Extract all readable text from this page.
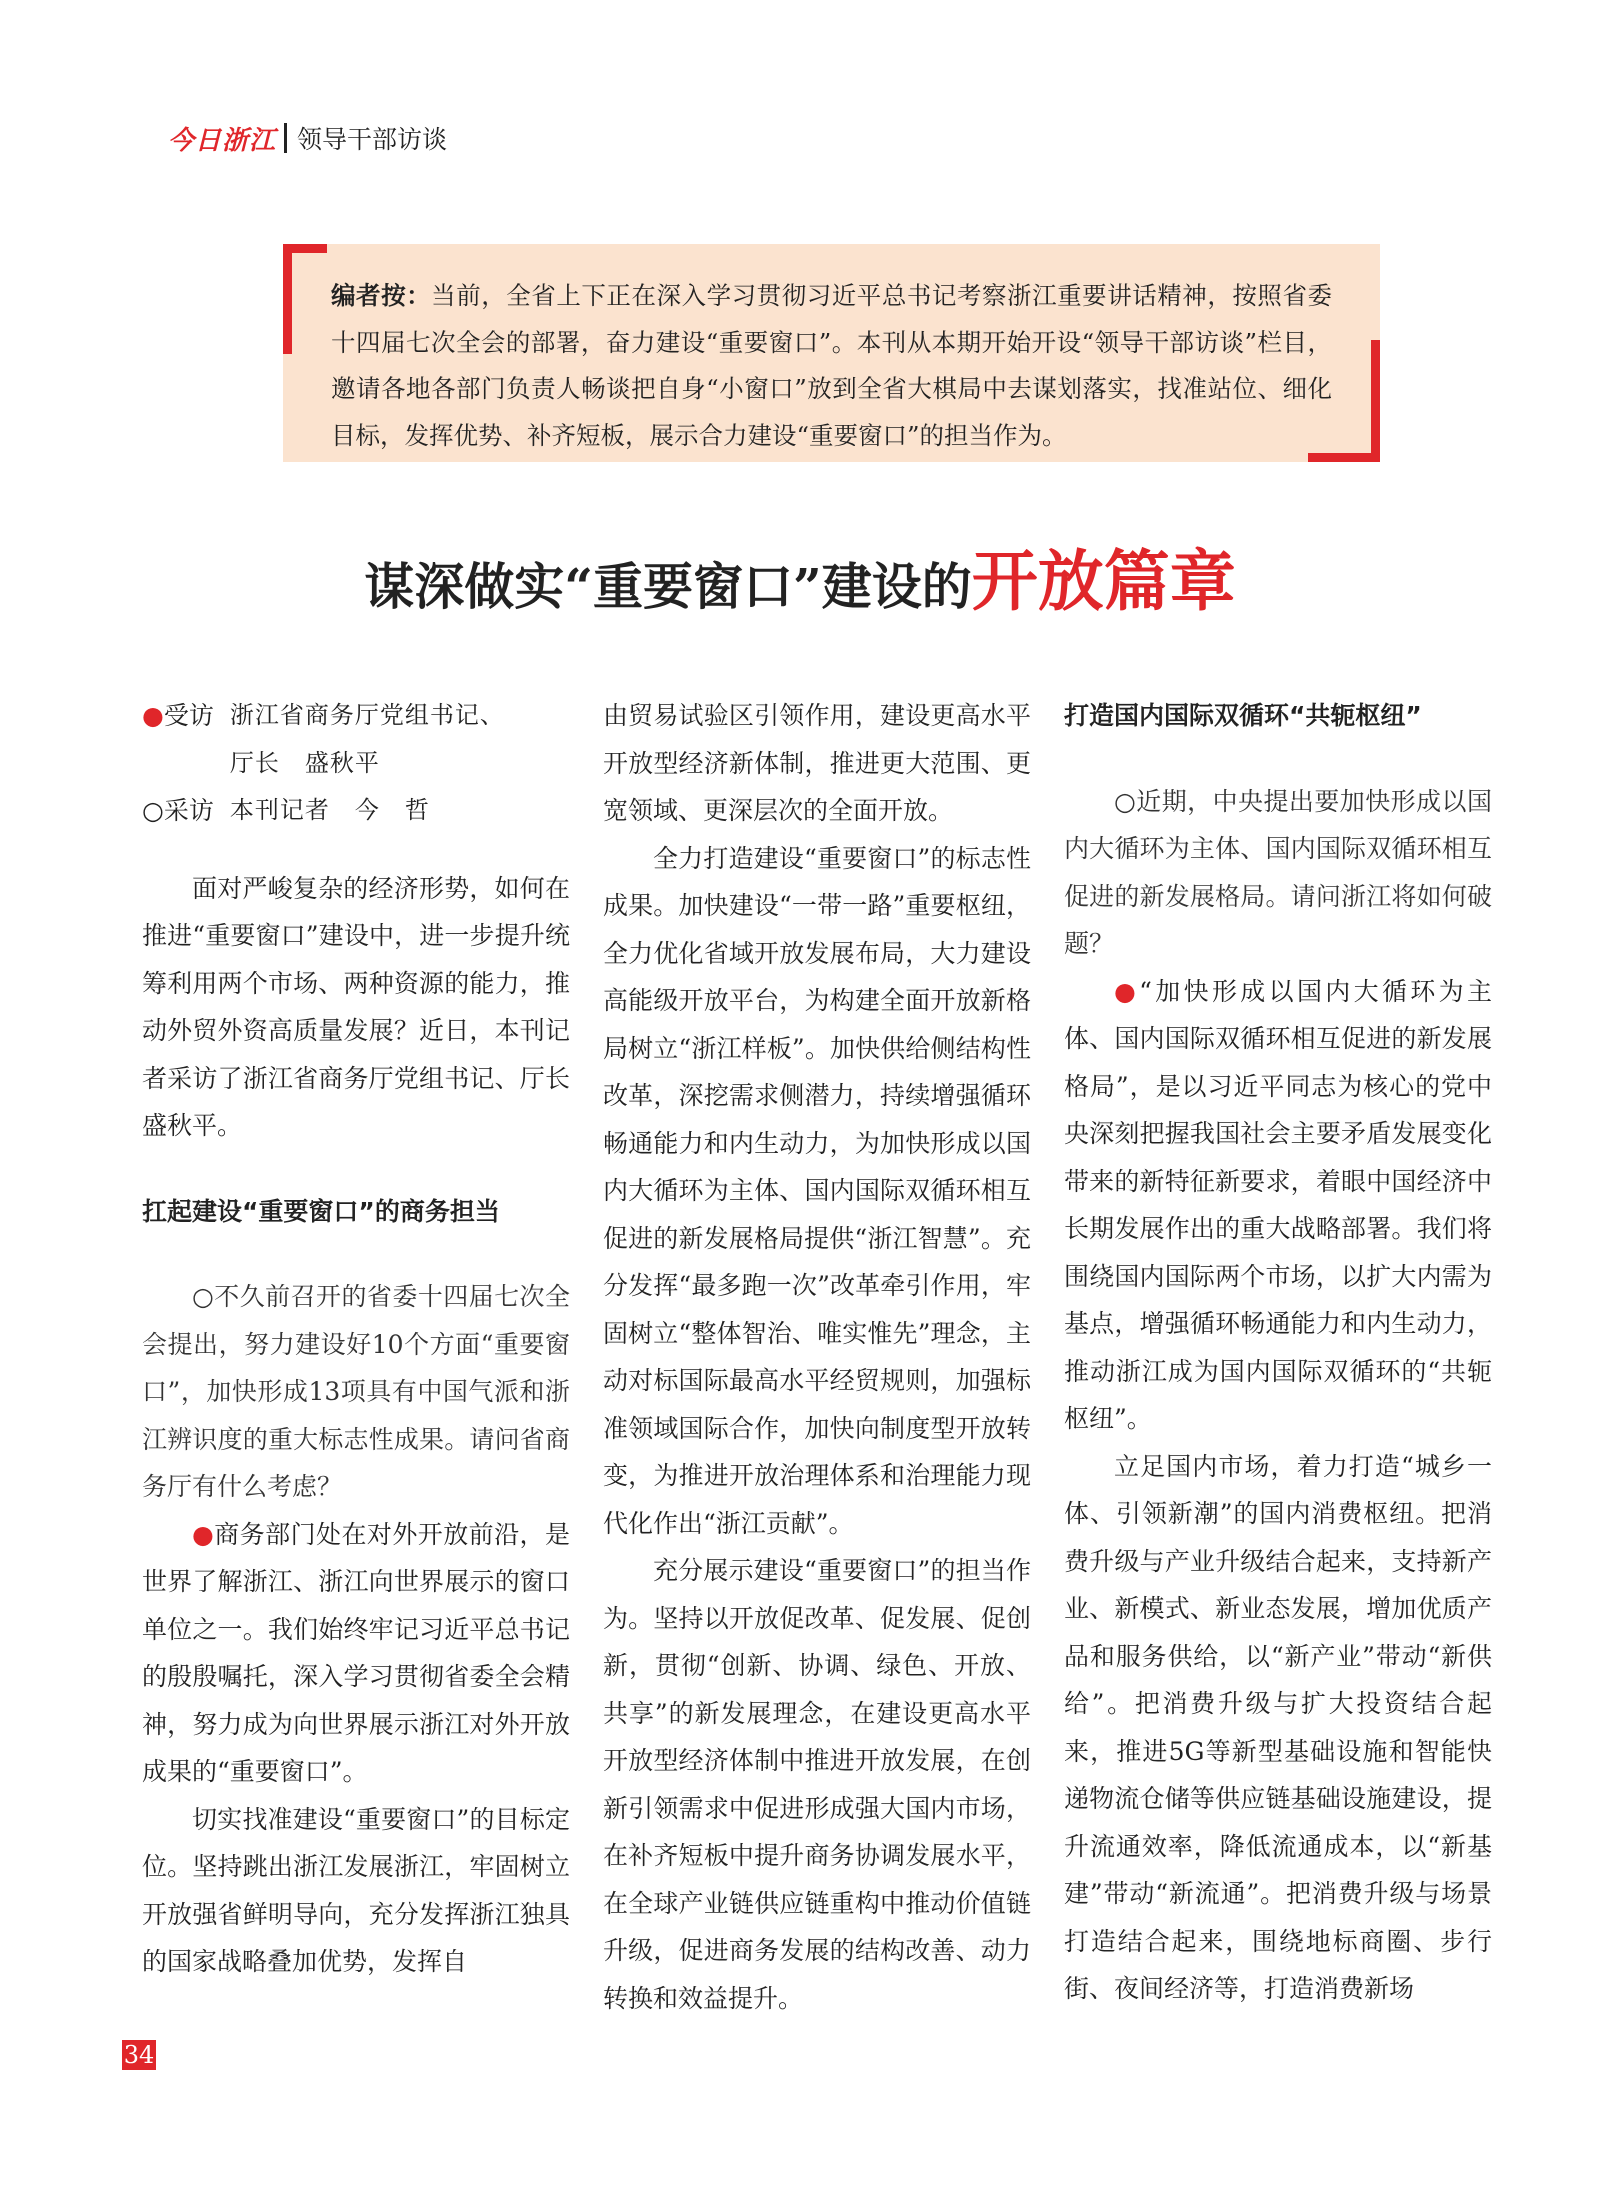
今日浙江 领导干部访谈
编者按：当前，全省上下正在深入学习贯彻习近平总书记考察浙江重要讲话精神，按照省委十四届七次全会的部署，奋力建设“重要窗口”。本刊从本期开始开设“领导干部访谈”栏目，邀请各地各部门负责人畅谈把自身“小窗口”放到全省大棋局中去谋划落实，找准站位、细化目标，发挥优势、补齐短板，展示合力建设“重要窗口”的担当作为。
谋深做实“重要窗口”建设的开放篇章
●受访 浙江省商务厅党组书记、
厅长　盛秋平
○采访 本刊记者　今　哲

面对严峻复杂的经济形势，如何在推进“重要窗口”建设中，进一步提升统筹利用两个市场、两种资源的能力，推动外贸外资高质量发展？近日，本刊记者采访了浙江省商务厅党组书记、厅长盛秋平。

扛起建设“重要窗口”的商务担当

○不久前召开的省委十四届七次全会提出，努力建设好10个方面“重要窗口”，加快形成13项具有中国气派和浙江辨识度的重大标志性成果。请问省商务厅有什么考虑？

●商务部门处在对外开放前沿，是世界了解浙江、浙江向世界展示的窗口单位之一。我们始终牢记习近平总书记的殷殷嘱托，深入学习贯彻省委全会精神，努力成为向世界展示浙江对外开放成果的“重要窗口”。

切实找准建设“重要窗口”的目标定位。坚持跳出浙江发展浙江，牢固树立开放强省鲜明导向，充分发挥浙江独具的国家战略叠加优势，发挥自

由贸易试验区引领作用，建设更高水平开放型经济新体制，推进更大范围、更宽领域、更深层次的全面开放。

全力打造建设“重要窗口”的标志性成果。加快建设“一带一路”重要枢纽，全力优化省域开放发展布局，大力建设高能级开放平台，为构建全面开放新格局树立“浙江样板”。加快供给侧结构性改革，深挖需求侧潜力，持续增强循环畅通能力和内生动力，为加快形成以国内大循环为主体、国内国际双循环相互促进的新发展格局提供“浙江智慧”。充分发挥“最多跑一次”改革牵引作用，牢固树立“整体智治、唯实惟先”理念，主动对标国际最高水平经贸规则，加强标准领域国际合作，加快向制度型开放转变，为推进开放治理体系和治理能力现代化作出“浙江贡献”。

充分展示建设“重要窗口”的担当作为。坚持以开放促改革、促发展、促创新，贯彻“创新、协调、绿色、开放、共享”的新发展理念，在建设更高水平开放型经济体制中推进开放发展，在创新引领需求中促进形成强大国内市场，在补齐短板中提升商务协调发展水平，在全球产业链供应链重构中推动价值链升级，促进商务发展的结构改善、动力转换和效益提升。

打造国内国际双循环“共轭枢纽”

○近期，中央提出要加快形成以国内大循环为主体、国内国际双循环相互促进的新发展格局。请问浙江将如何破题？

●“加快形成以国内大循环为主体、国内国际双循环相互促进的新发展格局”，是以习近平同志为核心的党中央深刻把握我国社会主要矛盾发展变化带来的新特征新要求，着眼中国经济中长期发展作出的重大战略部署。我们将围绕国内国际两个市场，以扩大内需为基点，增强循环畅通能力和内生动力，推动浙江成为国内国际双循环的“共轭枢纽”。

立足国内市场，着力打造“城乡一体、引领新潮”的国内消费枢纽。把消费升级与产业升级结合起来，支持新产业、新模式、新业态发展，增加优质产品和服务供给，以“新产业”带动“新供给”。把消费升级与扩大投资结合起来，推进5G等新型基础设施和智能快递物流仓储等供应链基础设施建设，提升流通效率，降低流通成本，以“新基建”带动“新流通”。把消费升级与场景打造结合起来，围绕地标商圈、步行街、夜间经济等，打造消费新场

34
